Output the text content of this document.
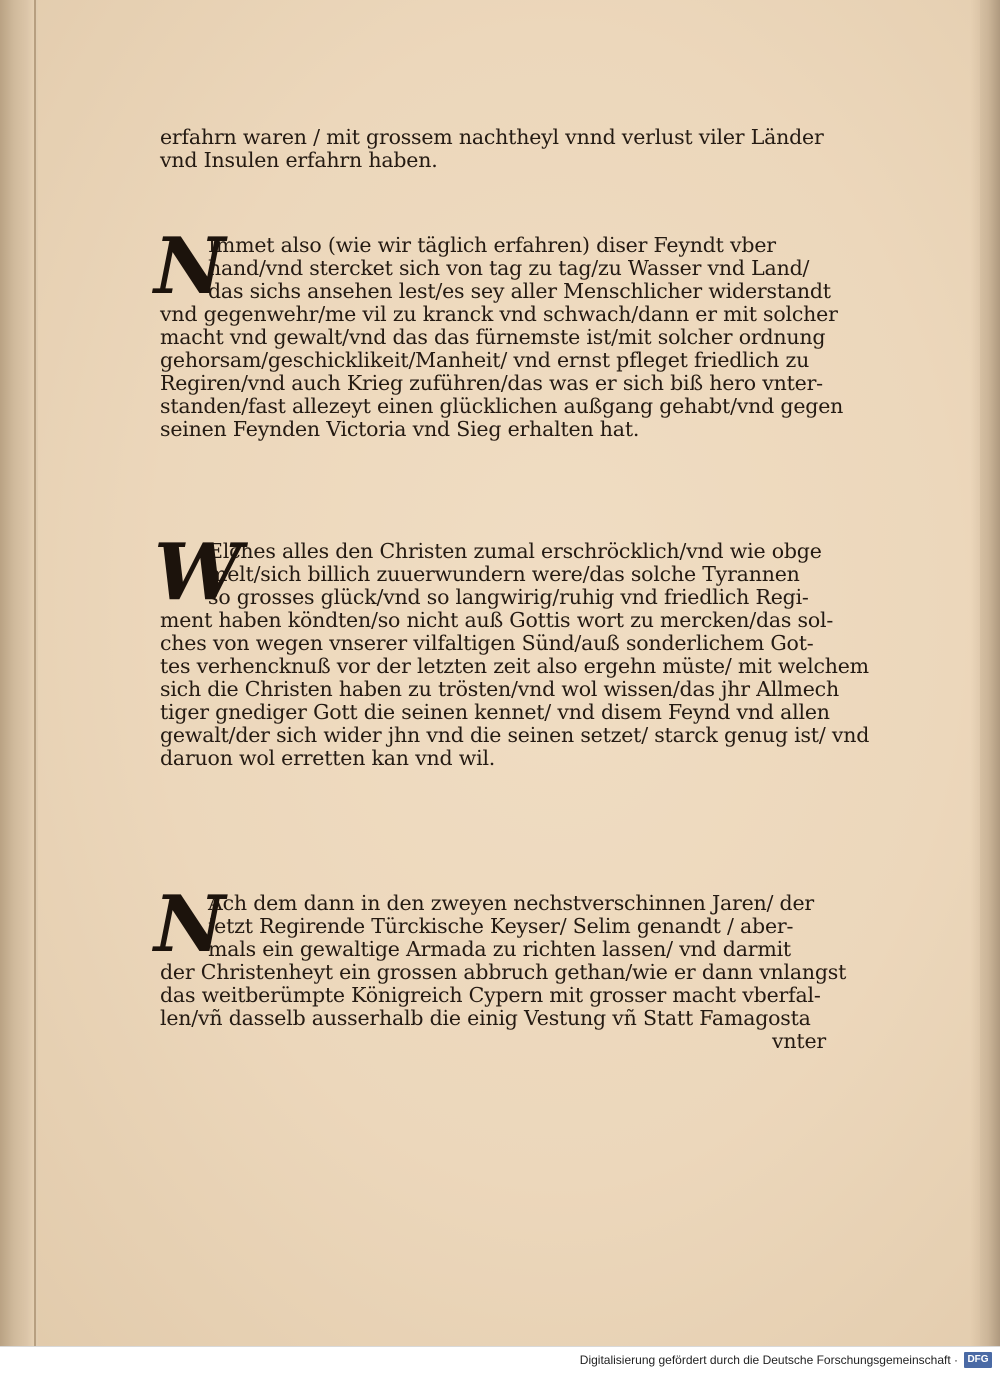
erfahrn waren / mit grossem nachtheyl vnnd verlust viler Länder
vnd Insulen erfahrn haben.
N
Immet also (wie wir täglich erfahren) diser Feyndt vber
hand/vnd stercket sich von tag zu tag/zu Wasser vnd Land/
das sichs ansehen lest/es sey aller Menschlicher widerstandt
vnd gegenwehr/me vil zu kranck vnd schwach/dann er mit solcher
macht vnd gewalt/vnd das das fürnemste ist/mit solcher ordnung
gehorsam/geschicklikeit/Manheit/ vnd ernst pfleget friedlich zu
Regiren/vnd auch Krieg zuführen/das was er sich biß hero vnter-
standen/fast allezeyt einen glücklichen außgang gehabt/vnd gegen
seinen Feynden Victoria vnd Sieg erhalten hat.
W
Elches alles den Christen zumal erschröcklich/vnd wie obge
melt/sich billich zuuerwundern were/das solche Tyrannen
so grosses glück/vnd so langwirig/ruhig vnd friedlich Regi-
ment haben köndten/so nicht auß Gottis wort zu mercken/das sol-
ches von wegen vnserer vilfaltigen Sünd/auß sonderlichem Got-
tes verhencknuß vor der letzten zeit also ergehn müste/ mit welchem
sich die Christen haben zu trösten/vnd wol wissen/das jhr Allmech
tiger gnediger Gott die seinen kennet/ vnd disem Feynd vnd allen
gewalt/der sich wider jhn vnd die seinen setzet/ starck genug ist/ vnd
daruon wol erretten kan vnd wil.
N
Ach dem dann in den zweyen nechstverschinnen Jaren/ der
jetzt Regirende Türckische Keyser/ Selim genandt / aber-
mals ein gewaltige Armada zu richten lassen/ vnd darmit
der Christenheyt ein grossen abbruch gethan/wie er dann vnlangst
das weitberümpte Königreich Cypern mit grosser macht vberfal-
len/vñ dasselb ausserhalb die einig Vestung vñ Statt Famagosta
vnter
Digitalisierung gefördert durch die Deutsche Forschungsgemeinschaft · DFG
